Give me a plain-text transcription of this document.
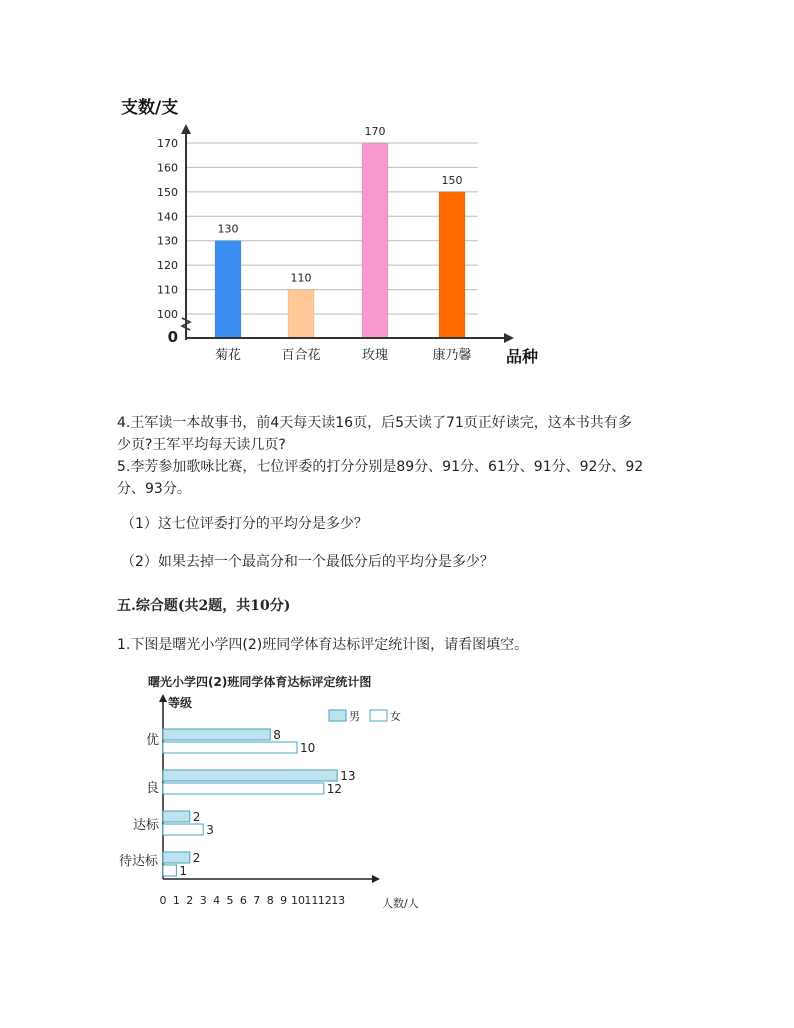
支数/支
0
100
110
120
130
140
150
160
170
菊花	百合花	玫瑰	康乃馨
130
110
170
150
品种
4.王军读一本故事书，前4天每天读16页，后5天读了71页正好读完，这本书共有多
少页?王军平均每天读几页?
5.李芳参加歌咏比赛，七位评委的打分分别是89分、91分、61分、91分、92分、92
分、93分。
（1）这七位评委打分的平均分是多少？
（2）如果去掉一个最高分和一个最低分后的平均分是多少？
五.综合题(共2题，共10分)
1.下图是曙光小学四(2)班同学体育达标评定统计图，请看图填空。
曙光小学四(2)班同学体育达标评定统计图
等级
男	女
优
良
达标
待达标
8
10
13
12
2
3
2
1
0 1 2 3 4 5 6 7 8 9 10 11 12 13	人数/人
